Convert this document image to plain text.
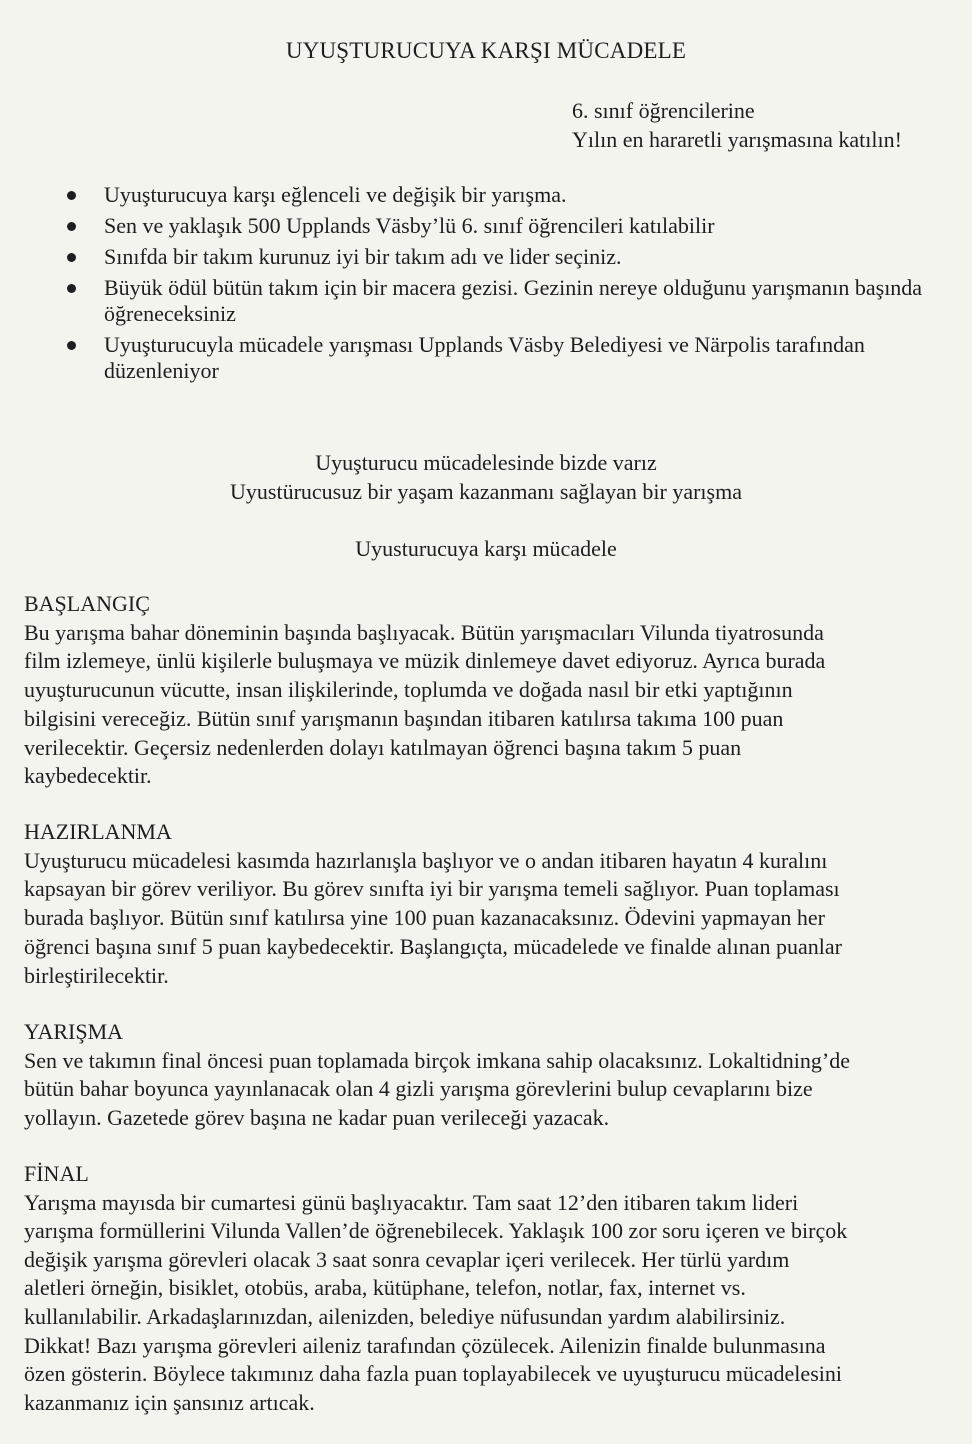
UYUŞTURUCUYA KARŞI MÜCADELE
6. sınıf öğrencilerine
Yılın en hararetli yarışmasına katılın!
Uyuşturucuya karşı eğlenceli ve değişik bir yarışma.
Sen ve yaklaşık 500 Upplands Väsby’lü 6. sınıf öğrencileri katılabilir
Sınıfda bir takım kurunuz iyi bir takım adı ve lider seçiniz.
Büyük ödül bütün takım için bir macera gezisi. Gezinin nereye olduğunu yarışmanın başında öğreneceksiniz
Uyuşturucuyla mücadele yarışması Upplands Väsby Belediyesi ve Närpolis tarafından düzenleniyor
Uyuşturucu mücadelesinde bizde varız
Uyustürucusuz bir yaşam kazanmanı sağlayan bir yarışma
Uyusturucuya karşı mücadele
BAŞLANGIÇ
Bu yarışma bahar döneminin başında başlıyacak. Bütün yarışmacıları Vilunda tiyatrosunda
film izlemeye, ünlü kişilerle buluşmaya ve müzik dinlemeye davet ediyoruz. Ayrıca burada
uyuşturucunun vücutte, insan ilişkilerinde, toplumda ve doğada nasıl bir etki yaptığının
bilgisini vereceğiz. Bütün sınıf yarışmanın başından itibaren katılırsa takıma 100 puan
verilecektir. Geçersiz nedenlerden dolayı katılmayan öğrenci başına takım 5 puan
kaybedecektir.
HAZIRLANMA
Uyuşturucu mücadelesi kasımda hazırlanışla başlıyor ve o andan itibaren hayatın 4 kuralını
kapsayan bir görev veriliyor. Bu görev sınıfta iyi bir yarışma temeli sağlıyor. Puan toplaması
burada başlıyor. Bütün sınıf katılırsa yine 100 puan kazanacaksınız. Ödevini yapmayan her
öğrenci başına sınıf 5 puan kaybedecektir. Başlangıçta, mücadelede ve finalde alınan puanlar
birleştirilecektir.
YARIŞMA
Sen ve takımın final öncesi puan toplamada birçok imkana sahip olacaksınız. Lokaltidning’de
bütün bahar boyunca yayınlanacak olan 4 gizli yarışma görevlerini bulup cevaplarını bize
yollayın. Gazetede görev başına ne kadar puan verileceği yazacak.
FİNAL
Yarışma mayısda bir cumartesi günü başlıyacaktır. Tam saat 12’den itibaren takım lideri
yarışma formüllerini Vilunda Vallen’de öğrenebilecek. Yaklaşık 100 zor soru içeren ve birçok
değişik yarışma görevleri olacak 3 saat sonra cevaplar içeri verilecek. Her türlü yardım
aletleri örneğin, bisiklet, otobüs, araba, kütüphane, telefon, notlar, fax, internet vs.
kullanılabilir. Arkadaşlarınızdan, ailenizden, belediye nüfusundan yardım alabilirsiniz.
Dikkat! Bazı yarışma görevleri aileniz tarafından çözülecek. Ailenizin finalde bulunmasına
özen gösterin. Böylece takımınız daha fazla puan toplayabilecek ve uyuşturucu mücadelesini
kazanmanız için şansınız artıcak.
